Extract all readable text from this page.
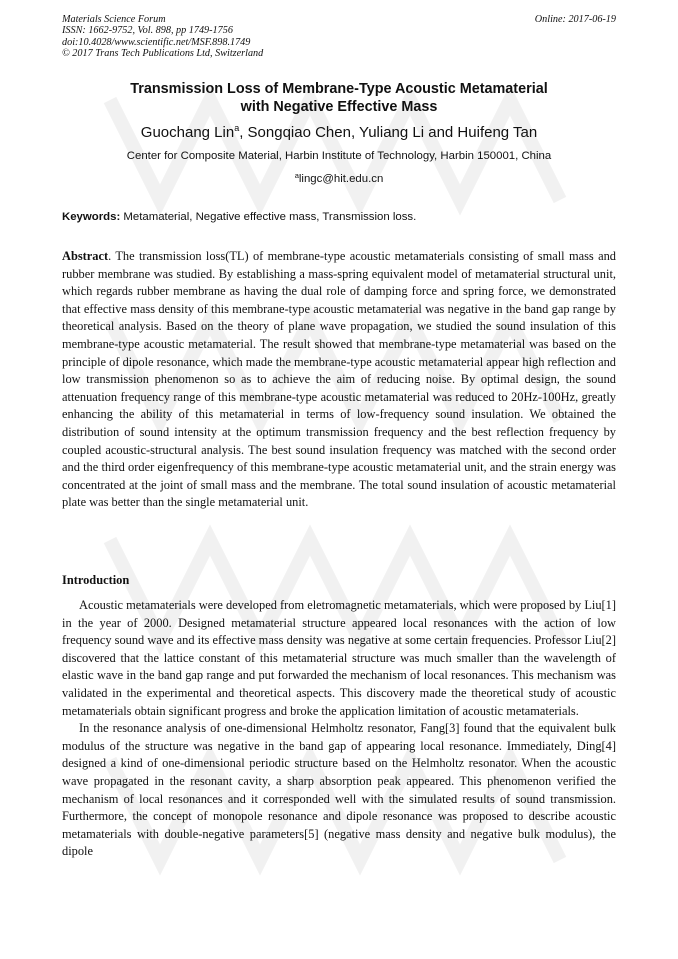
Materials Science Forum
ISSN: 1662-9752, Vol. 898, pp 1749-1756
doi:10.4028/www.scientific.net/MSF.898.1749
© 2017 Trans Tech Publications Ltd, Switzerland
Online: 2017-06-19
Transmission Loss of Membrane-Type Acoustic Metamaterial
with Negative Effective Mass
Guochang Lin$^a$, Songqiao Chen, Yuliang Li and Huifeng Tan
Center for Composite Material, Harbin Institute of Technology, Harbin 150001, China
$^a$lingc@hit.edu.cn
Keywords: Metamaterial, Negative effective mass, Transmission loss.
Abstract. The transmission loss(TL) of membrane-type acoustic metamaterials consisting of small mass and rubber membrane was studied. By establishing a mass-spring equivalent model of metamaterial structural unit, which regards rubber membrane as having the dual role of damping force and spring force, we demonstrated that effective mass density of this membrane-type acoustic metamaterial was negative in the band gap range by theoretical analysis. Based on the theory of plane wave propagation, we studied the sound insulation of this membrane-type acoustic metamaterial. The result showed that membrane-type metamaterial was based on the principle of dipole resonance, which made the membrane-type acoustic metamaterial appear high reflection and low transmission phenomenon so as to achieve the aim of reducing noise. By optimal design, the sound attenuation frequency range of this membrane-type acoustic metamaterial was reduced to 20Hz-100Hz, greatly enhancing the ability of this metamaterial in terms of low-frequency sound insulation. We obtained the distribution of sound intensity at the optimum transmission frequency and the best reflection frequency by coupled acoustic-structural analysis. The best sound insulation frequency was matched with the second order and the third order eigenfrequency of this membrane-type acoustic metamaterial unit, and the strain energy was concentrated at the joint of small mass and the membrane. The total sound insulation of acoustic metamaterial plate was better than the single metamaterial unit.
Introduction

Acoustic metamaterials were developed from eletromagnetic metamaterials, which were proposed by Liu[1] in the year of 2000. Designed metamaterial structure appeared local resonances with the action of low frequency sound wave and its effective mass density was negative at some certain frequencies. Professor Liu[2] discovered that the lattice constant of this metamaterial structure was much smaller than the wavelength of elastic wave in the band gap range and put forwarded the mechanism of local resonances. This mechanism was validated in the experimental and theoretical aspects. This discovery made the theoretical study of acoustic metamaterials obtain significant progress and broke the application limitation of acoustic metamaterials.

In the resonance analysis of one-dimensional Helmholtz resonator, Fang[3] found that the equivalent bulk modulus of the structure was negative in the band gap of appearing local resonance. Immediately, Ding[4] designed a kind of one-dimensional periodic structure based on the Helmholtz resonator. When the acoustic wave propagated in the resonant cavity, a sharp absorption peak appeared. This phenomenon verified the mechanism of local resonances and it corresponded well with the simulated results of sound transmission. Furthermore, the concept of monopole resonance and dipole resonance was proposed to describe acoustic metamaterials with double-negative parameters[5] (negative mass density and negative bulk modulus), the dipole
